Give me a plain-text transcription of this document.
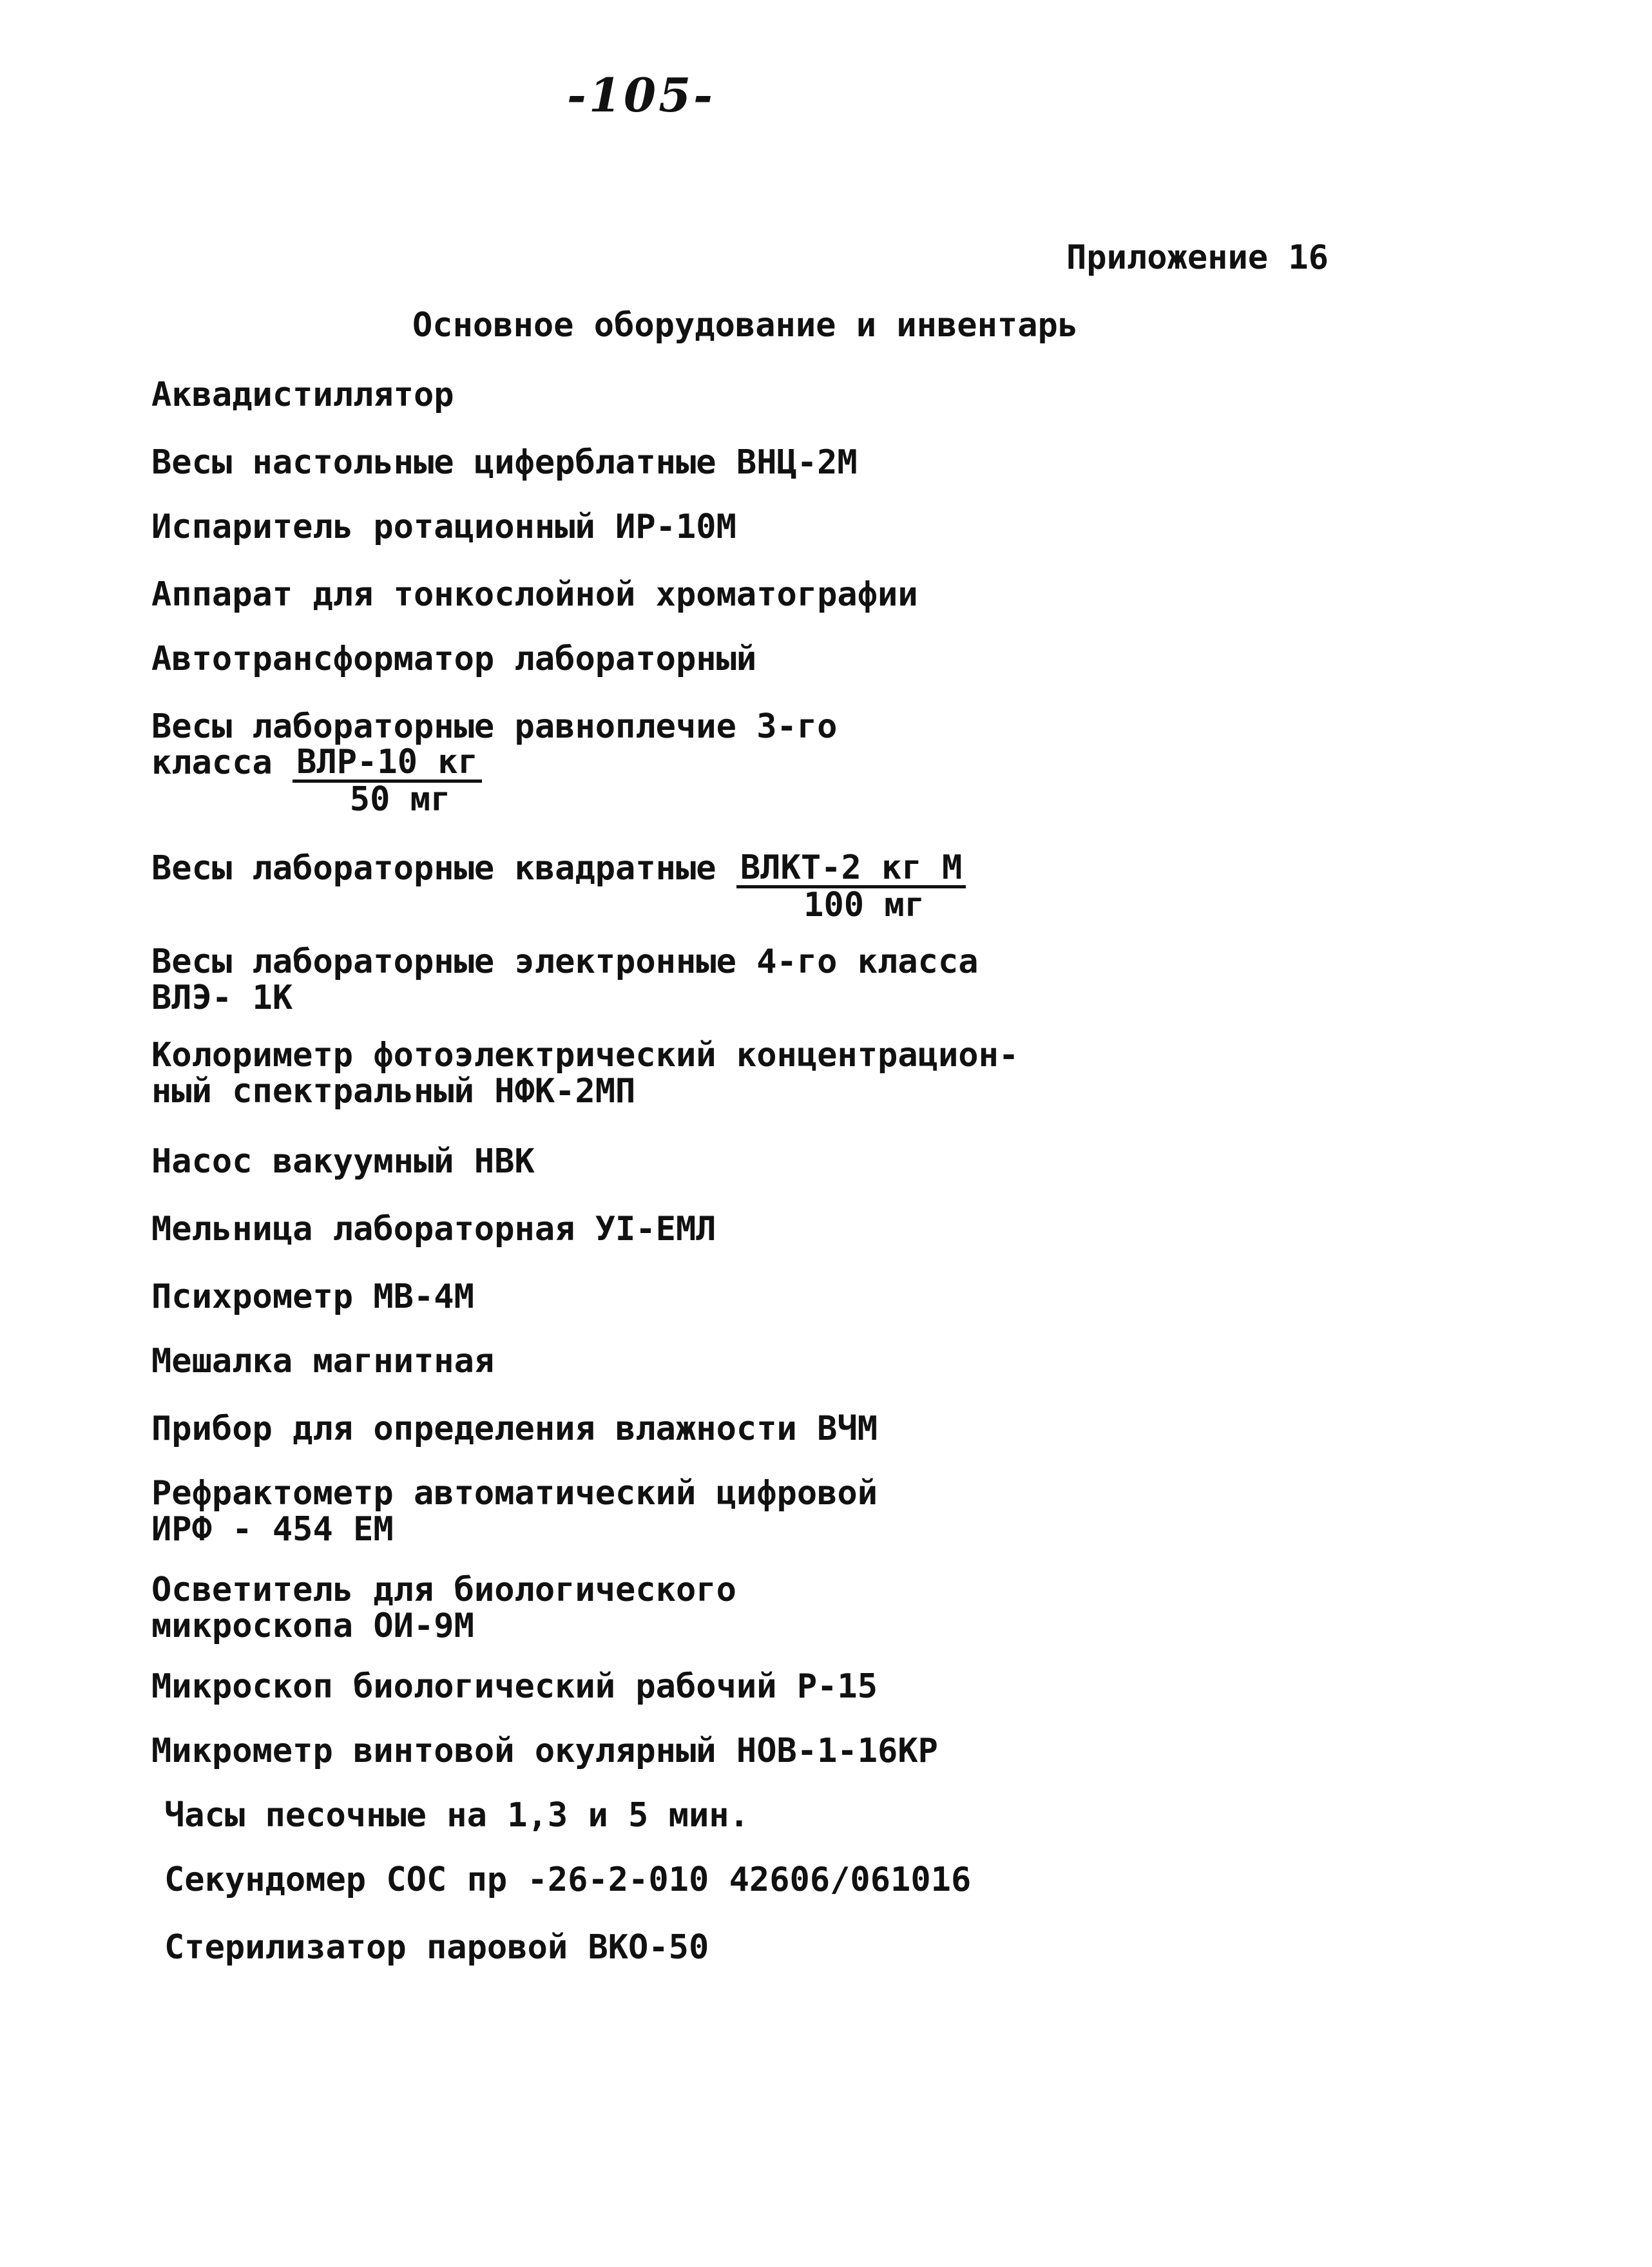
-105-
Приложение 16
Основное оборудование и инвентарь
Аквадистиллятор
Весы настольные циферблатные ВНЦ-2М
Испаритель ротационный ИР-10М
Аппарат для тонкослойной хроматографии
Автотрансформатор лабораторный
Весы лабораторные равноплечие 3-го
класса $\frac{\text{ВЛР-10 кг}}{50 мг}$
Весы лабораторные квадратные $\frac{\text{ВЛКТ-2 кг М}}{100 мг}$
Весы лабораторные электронные 4-го класса
ВЛЭ- 1К
Колориметр фотоэлектрический концентрацион-
ный спектральный НФК-2МП
Насос вакуумный НВК
Мельница лабораторная УI-ЕМЛ
Психрометр МВ-4М
Мешалка магнитная
Прибор для определения влажности ВЧМ
Рефрактометр автоматический цифровой
ИРФ - 454 ЕМ
Осветитель для биологического
микроскопа ОИ-9М
Микроскоп биологический рабочий Р-15
Микрометр винтовой окулярный НОВ-1-16КР
Часы песочные на 1,3 и 5 мин.
Секундомер СОС пр -26-2-010 42606/061016
Стерилизатор паровой ВКО-50
